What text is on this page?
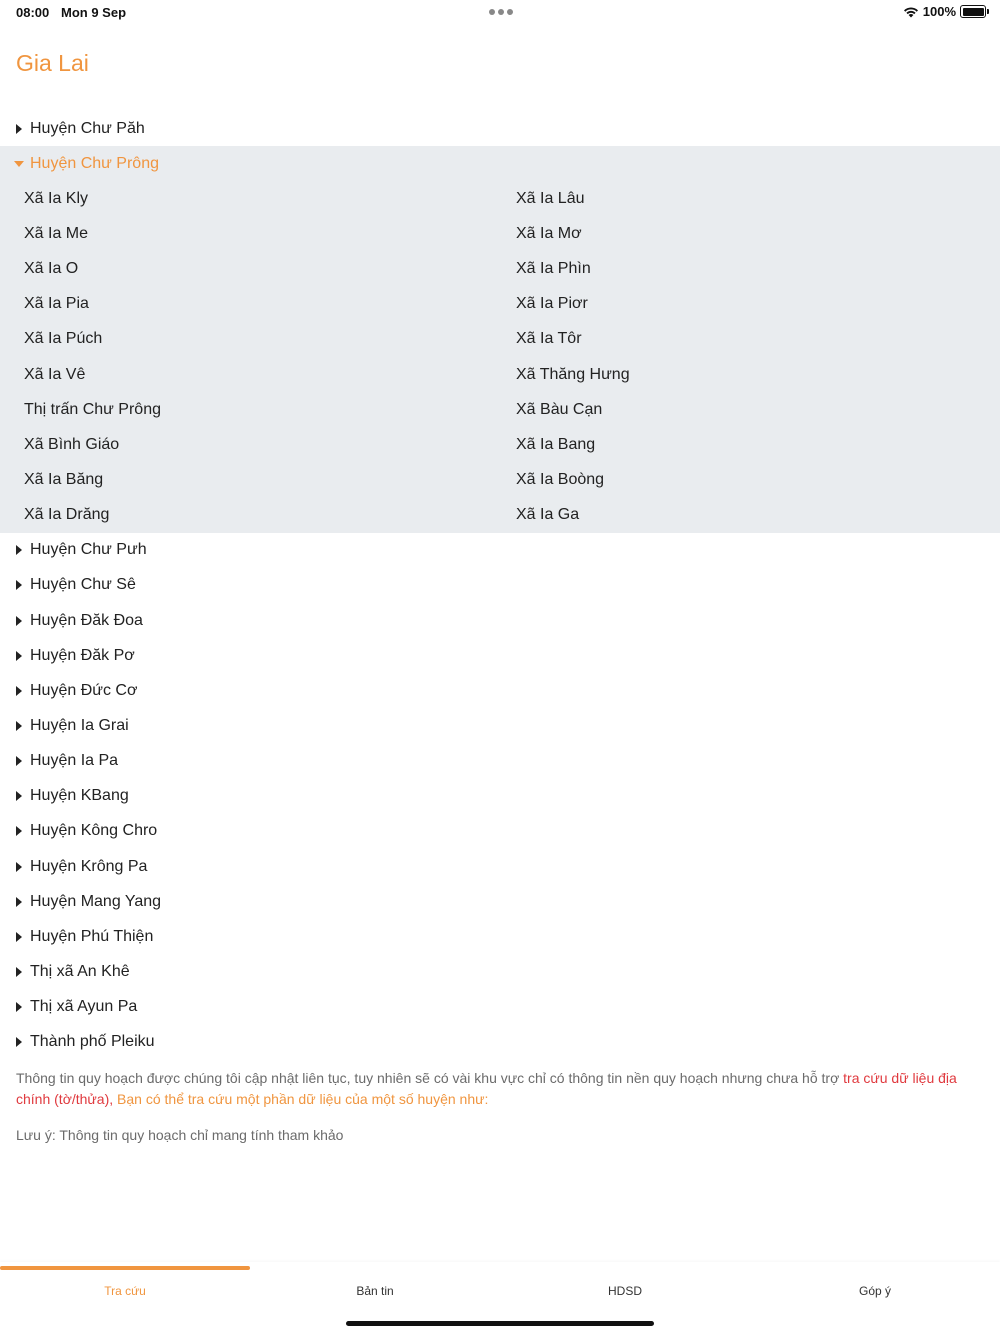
08:00 Mon 9 Sep	100%
Gia Lai
Huyện Chư Păh
Huyện Chư Prông
Xã Ia Kly	Xã Ia Lâu
Xã Ia Me	Xã Ia Mơ
Xã Ia O	Xã Ia Phìn
Xã Ia Pia	Xã Ia Piơr
Xã Ia Púch	Xã Ia Tôr
Xã Ia Vê	Xã Thăng Hưng
Thị trấn Chư Prông	Xã Bàu Cạn
Xã Bình Giáo	Xã Ia Bang
Xã Ia Băng	Xã Ia Boòng
Xã Ia Drăng	Xã Ia Ga
Huyện Chư Pưh
Huyện Chư Sê
Huyện Đăk Đoa
Huyện Đăk Pơ
Huyện Đức Cơ
Huyện Ia Grai
Huyện Ia Pa
Huyện KBang
Huyện Kông Chro
Huyện Krông Pa
Huyện Mang Yang
Huyện Phú Thiện
Thị xã An Khê
Thị xã Ayun Pa
Thành phố Pleiku

Thông tin quy hoạch được chúng tôi cập nhật liên tục, tuy nhiên sẽ có vài khu vực chỉ có thông tin nền quy hoạch nhưng chưa hỗ trợ tra cứu dữ liệu địa chính (tờ/thửa), Bạn có thể tra cứu một phần dữ liệu của một số huyện như:

Lưu ý: Thông tin quy hoạch chỉ mang tính tham khảo

Tra cứu	Bản tin	HDSD	Góp ý
